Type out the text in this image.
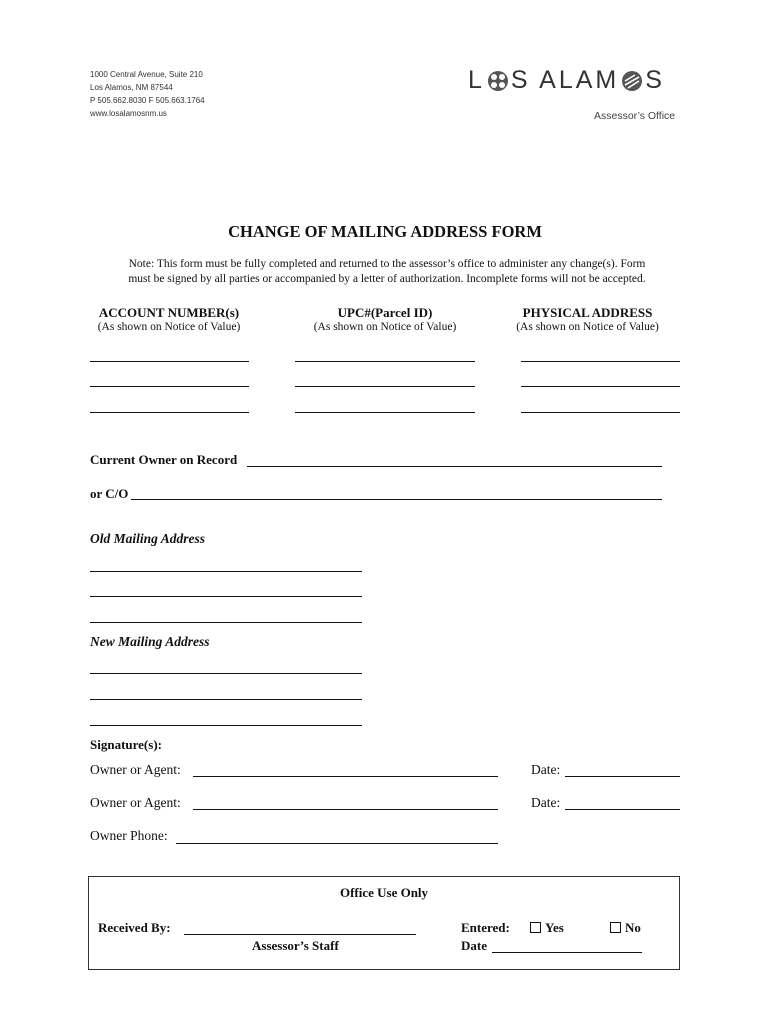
1000 Central Avenue, Suite 210
Los Alamos, NM 87544
P 505.662.8030 F 505.663.1764
www.losalamosnm.us
L S ALAM S
Assessor’s Office
CHANGE OF MAILING ADDRESS FORM
Note: This form must be fully completed and returned to the assessor’s office to administer any change(s). Form
must be signed by all parties or accompanied by a letter of authorization. Incomplete forms will not be accepted.
ACCOUNT NUMBER(s)
(As shown on Notice of Value)
UPC#(Parcel ID)
(As shown on Notice of Value)
PHYSICAL ADDRESS
(As shown on Notice of Value)
Current Owner on Record
or C/O
Old Mailing Address
New Mailing Address
Signature(s):
Owner or Agent:	Date:
Owner or Agent:	Date:
Owner Phone:
Office Use Only
Received By:
Assessor’s Staff
Entered:	Yes	No
Date
